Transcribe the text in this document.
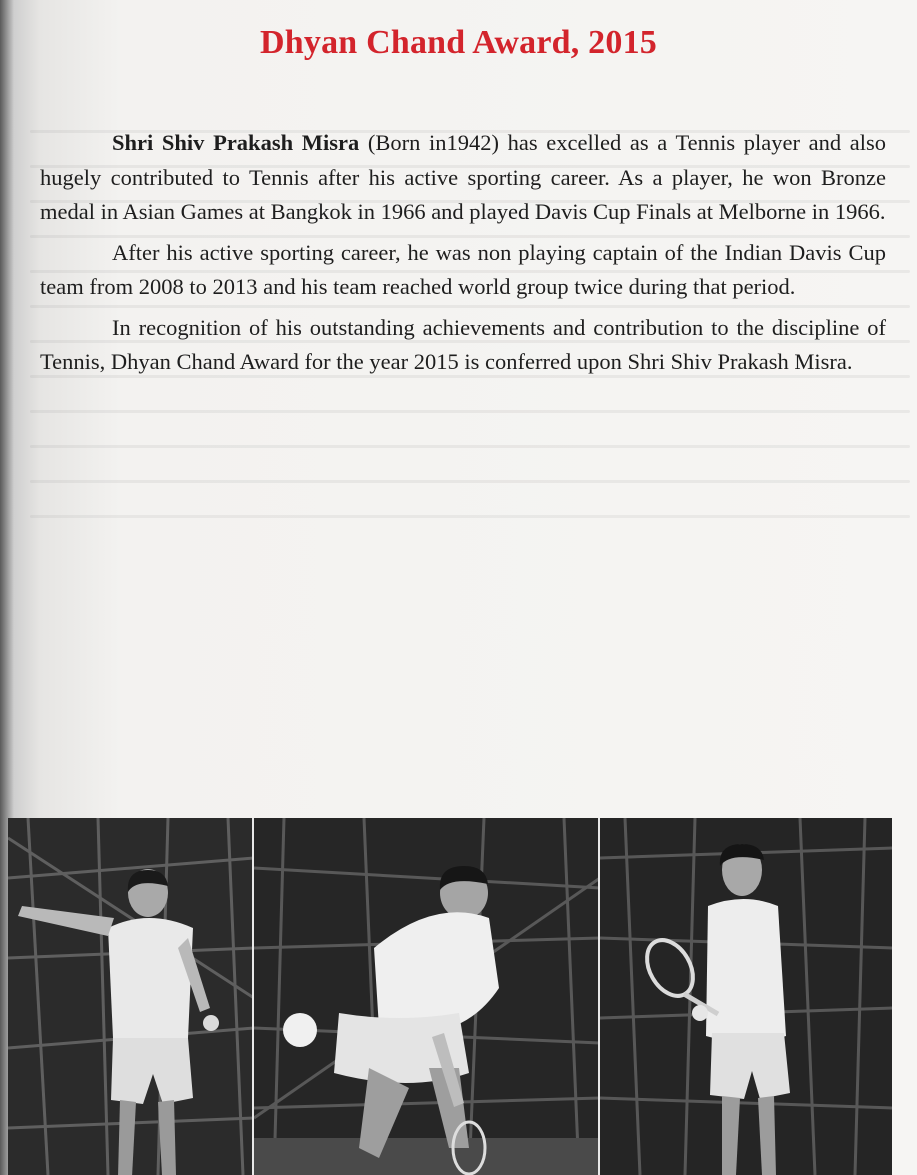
Dhyan Chand Award, 2015

Shri Shiv Prakash Misra (Born in1942) has excelled as a Tennis player and also hugely contributed to Tennis after his active sporting career. As a player, he won Bronze medal in Asian Games at Bangkok in 1966 and played Davis Cup Finals at Melborne in 1966.

After his active sporting career, he was non playing captain of the Indian Davis Cup team from 2008 to 2013 and his team reached world group twice during that period.

In recognition of his outstanding achievements and contribution to the discipline of Tennis, Dhyan Chand Award for the year 2015 is conferred upon Shri Shiv Prakash Misra.
